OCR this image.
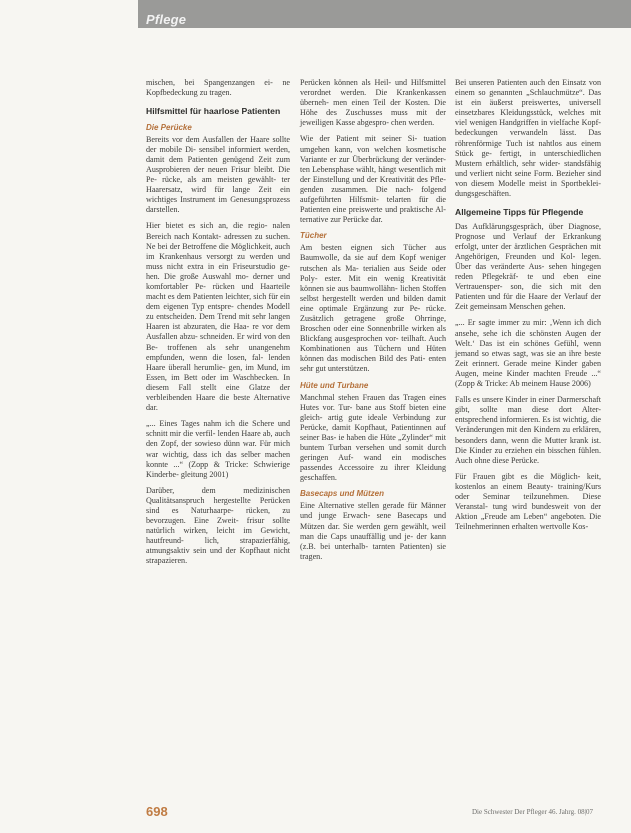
Pflege

mischen, bei Spangenzangen ei- ne Kopfbedeckung zu tragen.

Hilfsmittel für haarlose Patienten
Die Perücke

Bereits vor dem Ausfallen der Haare sollte der mobile Di- sensibel informiert werden, damit dem Patienten genügend Zeit zum Ausprobieren der neuen Frisur bleibt. Die Pe- rücke, als am meisten gewählt- ter Haarersatz, wird für lange Zeit ein wichtiges Instrument im Genesungsprozess darstellen.

Hier bietet es sich an, die regio- nalen Bereich nach Kontakt- adressen zu suchen. Ne bei der Betroffene die Möglichkeit, auch im Krankenhaus versorgt zu werden und muss nicht extra in ein Friseurstudio ge- hen. Die große Auswahl mo- derner und komfortabler Pe- rücken und Haarteile macht es dem Patienten leichter, sich für ein dem eigenen Typ entspre- chendes Modell zu entscheiden. Dem Trend mit sehr langen Haaren ist abzuraten, die Haa- re vor dem Ausfallen abzu- schneiden. Er wird von den Be- troffenen als sehr unangenehm empfunden, wenn die losen, fal- lenden Haare überall herumlie- gen, im Mund, im Essen, im Bett oder im Waschbecken. In diesem Fall stellt eine Glatze der verbleibenden Haare die beste Alternative dar.

„... Eines Tages nahm ich die Schere und schnitt mir die verfil- lenden Haare ab, auch den Zopf, der sowieso dünn war. Für mich war wichtig, dass ich das selber machen konnte ...“ (Zopp & Tricke: Schwierige Kinderbe- gleitung 2001)

Darüber, dem medizinischen Qualitätsanspruch hergestellte Perücken sind es Naturhaarpe- rücken, zu bevorzugen. Eine Zweit- frisur sollte natürlich wirken, leicht im Gewicht, hautfreund- lich, strapazierfähig, atmungsaktiv sein und der Kopfhaut nicht strapazieren.

Perücken können als Heil- und Hilfsmittel verordnet werden. Die Krankenkassen überneh- men einen Teil der Kosten. Die Höhe des Zuschusses muss mit der jeweiligen Kasse abgespro- chen werden.

Wie der Patient mit seiner Si- tuation umgehen kann, von welchen kosmetische Variante er zur Überbrückung der veränder- ten Lebensphase wählt, hängt wesentlich mit der Einstellung und der Kreativität des Pfle- genden zusammen. Die nach- folgend aufgeführten Hilfsmit- telarten für die Patienten eine preiswerte und praktische Al- ternative zur Perücke dar.

Tücher

Am besten eignen sich Tücher aus Baumwolle, da sie auf dem Kopf weniger rutschen als Ma- terialien aus Seide oder Poly- ester. Mit ein wenig Kreativität können sie aus baumwollähn- lichen Stoffen selbst hergestellt werden und bilden damit eine optimale Ergänzung zur Pe- rücke. Zusätzlich getragene große Ohrringe, Broschen oder eine Sonnenbrille wirken als Blickfang ausgesprochen vor- teilhaft. Auch Kombinationen aus Tüchern und Hüten können das modischen Bild des Pati- enten sehr gut unterstützen.

Hüte und Turbane

Manchmal stehen Frauen das Tragen eines Hutes vor. Tur- bane aus Stoff bieten eine gleich- artig gute ideale Verbindung zur Perücke, damit Kopfhaut, Patientinnen auf seiner Bas- ie haben die Hüte „Zylinder“ mit buntem Turban versehen und somit durch geringen Auf- wand ein modisches passendes Accessoire zu ihrer Kleidung geschaffen.

Basecaps und Mützen

Eine Alternative stellen gerade für Männer und junge Erwach- sene Basecaps und Mützen dar. Sie werden gern gewählt, weil man die Caps unauffällig und je- der kann (z.B. bei unterhalb- tarnten Patienten) sie tragen.

Bei unseren Patienten auch den Einsatz von einem so genannten „Schlauchmütze“. Das ist ein äußerst preiswertes, universell einsetzbares Kleidungsstück, welches mit viel wenigen Handgriffen in vielfache Kopf- bedeckungen verwandeln lässt. Das röhrenförmige Tuch ist nahtlos aus einem Stück ge- fertigt, in unterschiedlichen Mustern erhältlich, sehr wider- standsfähig und verliert nicht seine Form. Bezieher sind von diesem Modelle meist in Sportbeklei- dungsgeschäften.

Allgemeine Tipps für Pflegende

Das Aufklärungsgespräch, über Diagnose, Prognose und Verlauf der Erkrankung erfolgt, unter der ärztlichen Gesprächen mit Angehörigen, Freunden und Kol- legen. Über das veränderte Aus- sehen hingegen reden Pflegekräf- te und eben eine Vertrauensper- son, die sich mit den Patienten und für die Haare der Verlauf der Zeit gemeinsam Menschen gehen.

„... Er sagte immer zu mir: ‚Wenn ich dich ansehe, sehe ich die schönsten Augen der Welt.‘ Das ist ein schönes Gefühl, wenn jemand so etwas sagt, was sie an ihre beste Zeit erinnert. Gerade meine Kinder gaben Augen, meine Kinder machten Freude ...“ (Zopp & Tricke: Ab meinem Hause 2006)

Falls es unsere Kinder in einer Darmerschaft gibt, sollte man diese dort Alter- entsprechend informieren. Es ist wichtig, die Veränderungen mit den Kindern zu erklären, besonders dann, wenn die Mutter krank ist. Die Kinder zu erziehen ein bisschen fühlen. Auch ohne diese Perücke.

Für Frauen gibt es die Möglich- keit, kostenlos an einem Beauty- training/Kurs oder Seminar teilzunehmen. Diese Veranstal- tung wird bundesweit von der Aktion „Freude am Leben“ angeboten. Die Teilnehmerinnen erhalten wertvolle Kos-

698	Die Schwester Der Pfleger 46. Jahrg. 08|07
